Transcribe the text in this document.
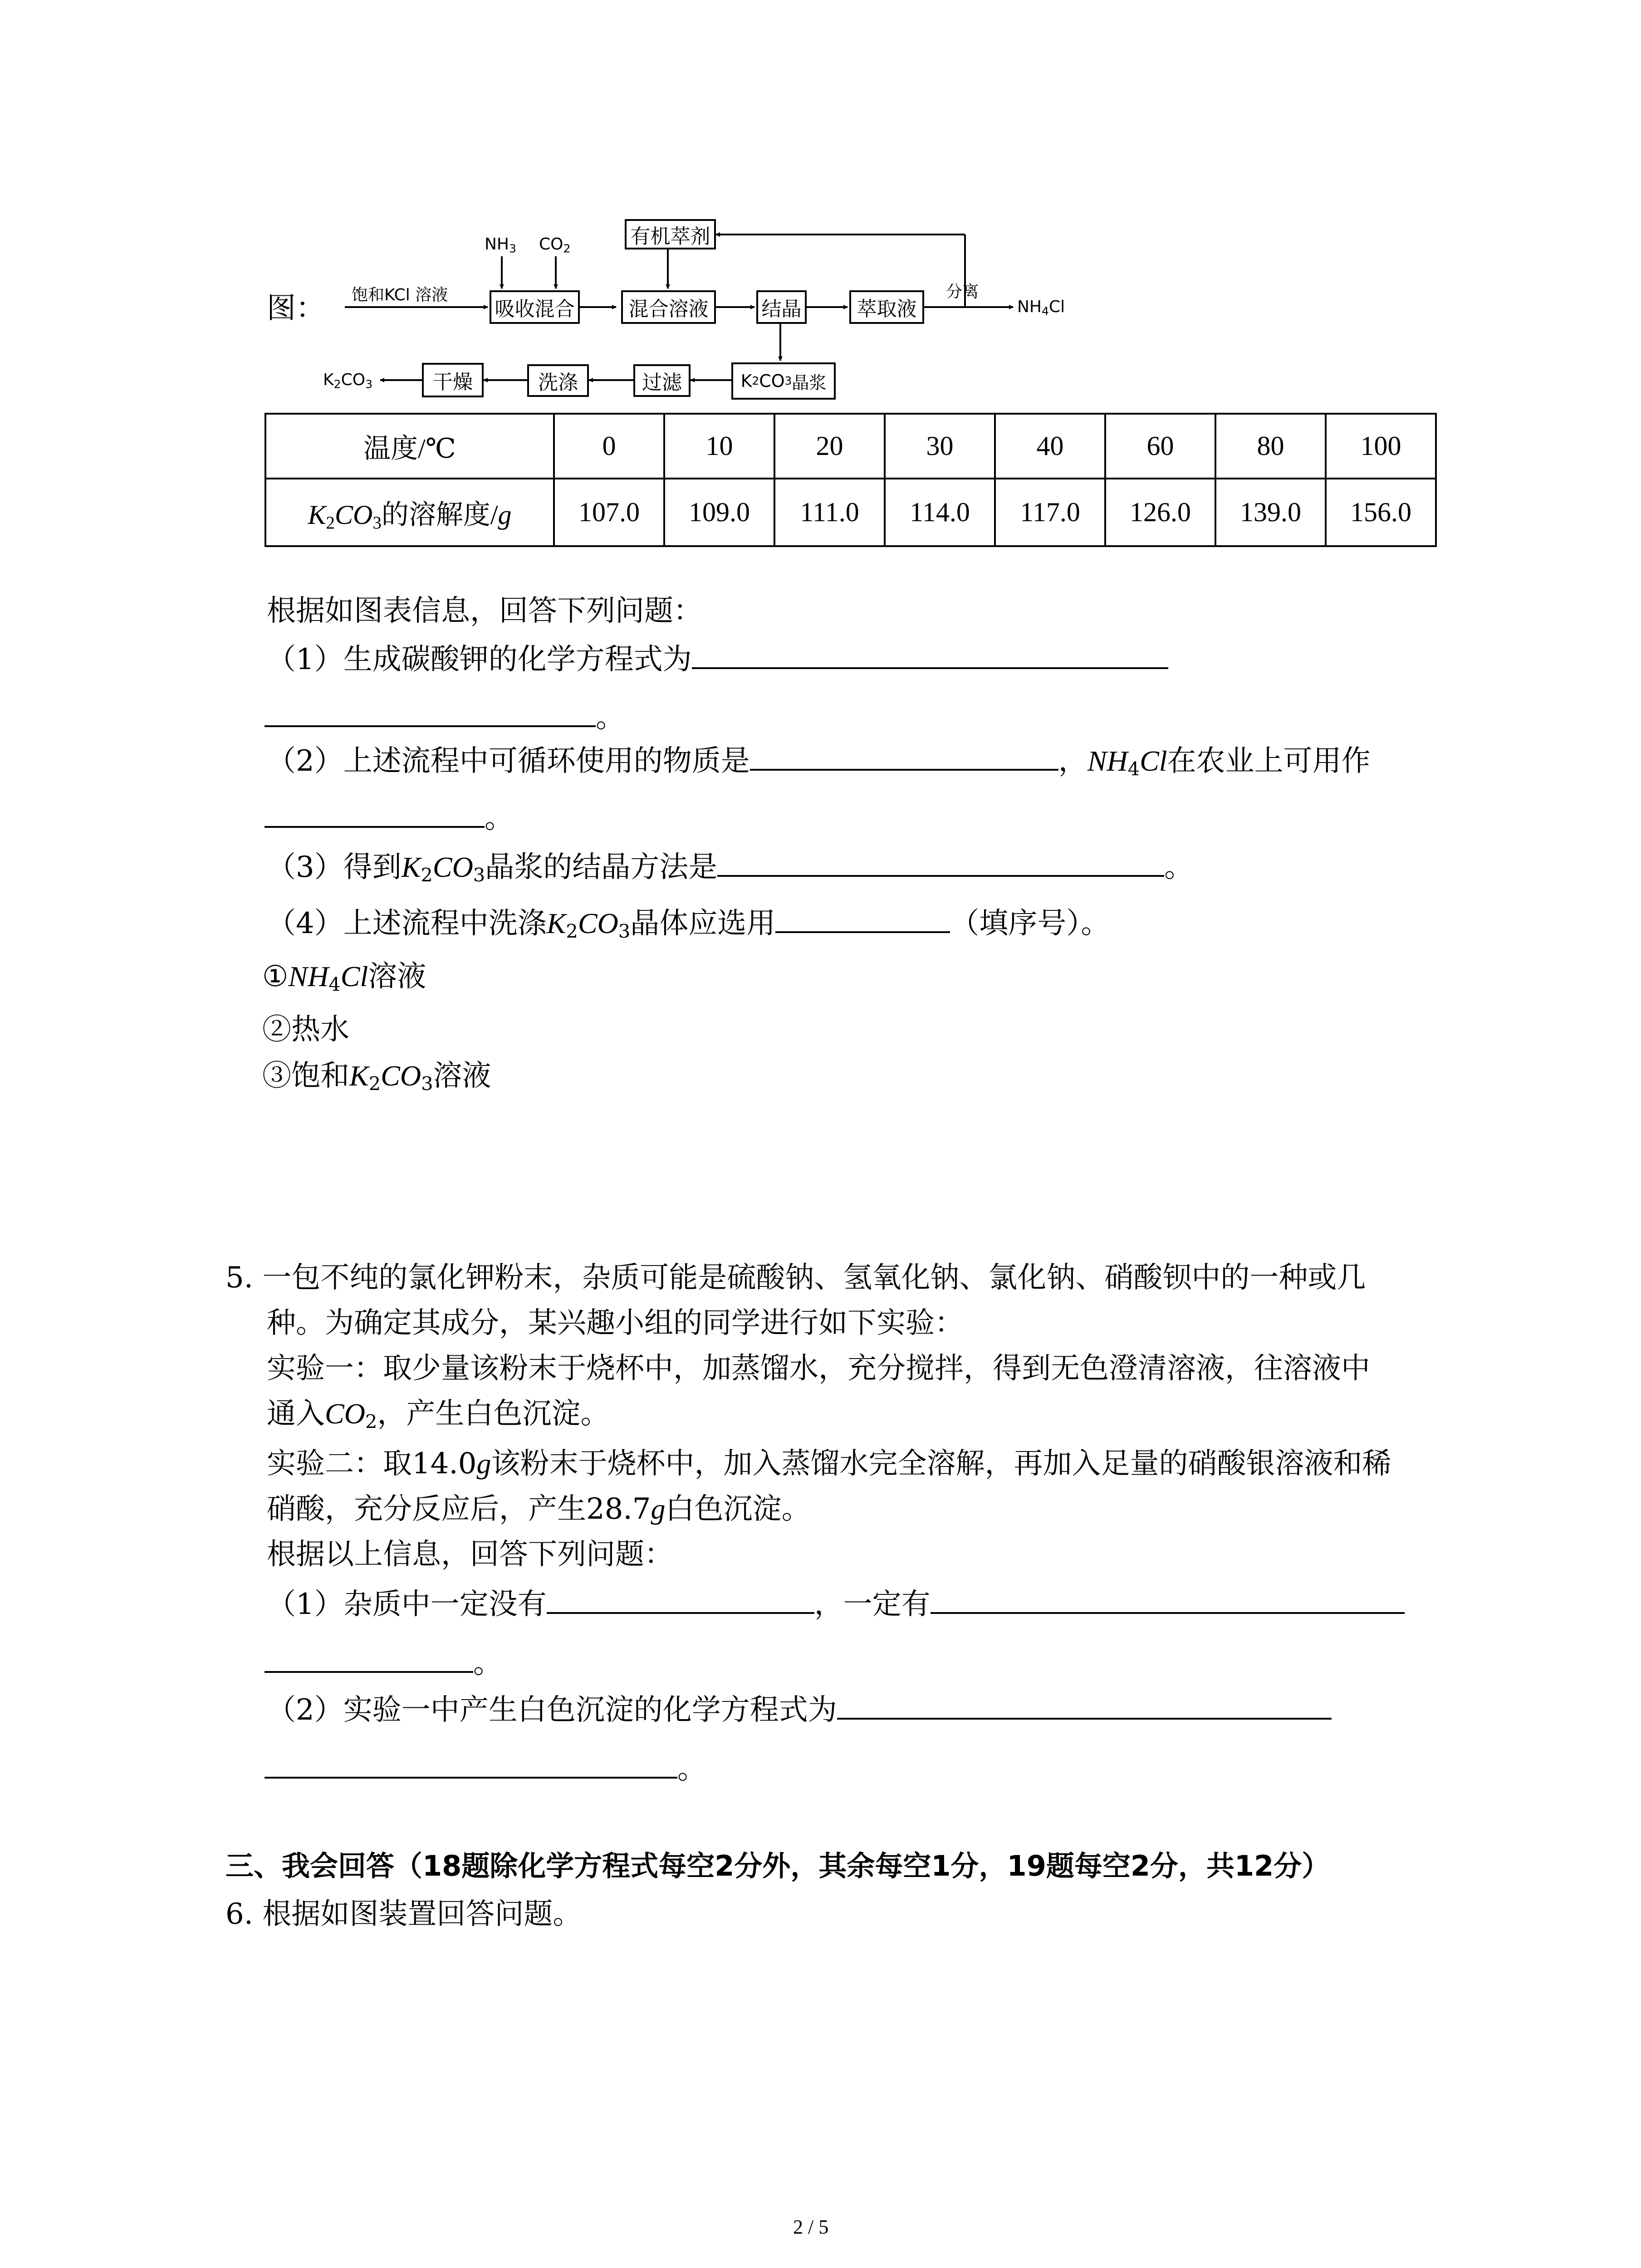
图： 饱和KCl 溶液
$NH_3$ $CO_2$
吸收混合	混合溶液
有机萃剂
结晶	萃取液
分离
$NH_4Cl$
K 2 CO 3 晶浆
过滤
洗涤
干燥
$K_2CO_3$
温度/℃	0	10	20	30	40	60	80	100
$K_2CO_3$的溶解度/g	107.0	109.0	111.0	114.0	117.0	126.0	139.0	156.0
根据如图表信息，回答下列问题：
（1）生成碳酸钾的化学方程式为
。
（2）上述流程中可循环使用的物质是	，$NH_4Cl$在农业上可用作
。
（3）得到$K_2CO_3$晶浆的结晶方法是	。
（4）上述流程中洗涤$K_2CO_3$晶体应选用	（填序号）。
$①NH_4Cl$溶液
②热水
③饱和$K_2CO_3$溶液
5. 一包不纯的氯化钾粉末，杂质可能是硫酸钠、氢氧化钠、氯化钠、硝酸钡中的一种或几
种。为确定其成分，某兴趣小组的同学进行如下实验：
实验一：取少量该粉末于烧杯中，加蒸馏水，充分搅拌，得到无色澄清溶液，往溶液中
通入$CO_2$，产生白色沉淀。
实验二：取14.0g该粉末于烧杯中，加入蒸馏水完全溶解，再加入足量的硝酸银溶液和稀
硝酸，充分反应后，产生28.7g白色沉淀。
根据以上信息，回答下列问题：
（1）杂质中一定没有	，一定有
。
（2）实验一中产生白色沉淀的化学方程式为
。
三、我会回答（18题除化学方程式每空2分外，其余每空1分，19题每空2分，共12分）
6. 根据如图装置回答问题。
2 / 5
